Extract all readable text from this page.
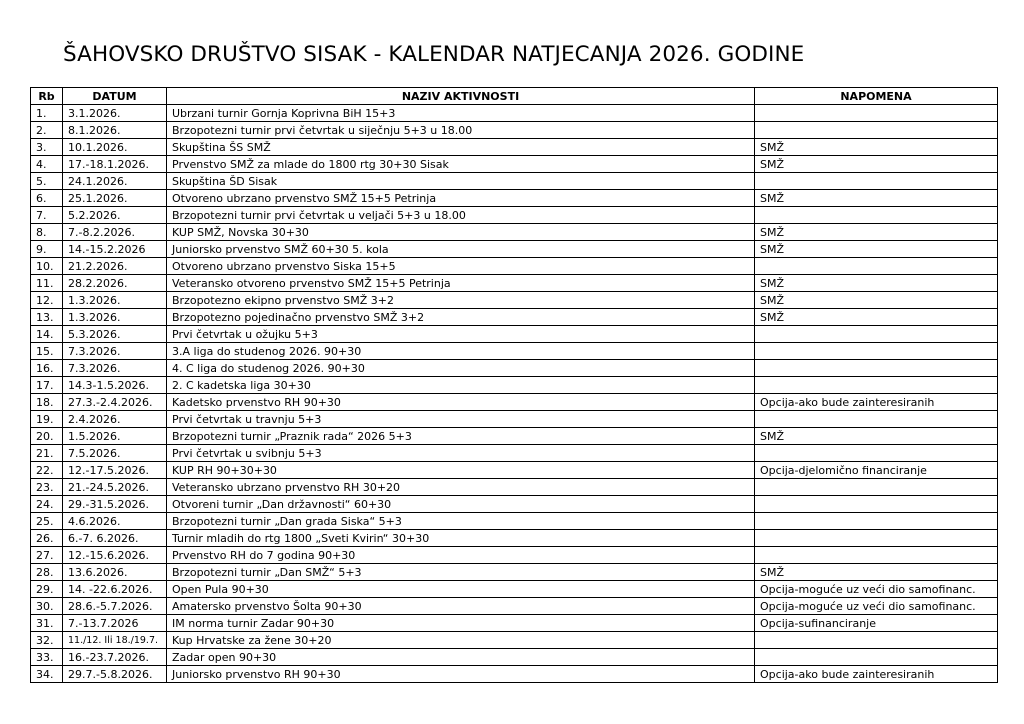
ŠAHOVSKO DRUŠTVO SISAK - KALENDAR NATJECANJA 2026. GODINE
Rb	DATUM	NAZIV AKTIVNOSTI	NAPOMENA
1.	3.1.2026.	Ubrzani turnir Gornja Koprivna BiH 15+3	
2.	8.1.2026.	Brzopotezni turnir prvi četvrtak u siječnju 5+3 u 18.00	
3.	10.1.2026.	Skupština ŠS SMŽ	SMŽ
4.	17.-18.1.2026.	Prvenstvo SMŽ za mlade do 1800 rtg 30+30 Sisak	SMŽ
5.	24.1.2026.	Skupština ŠD Sisak	
6.	25.1.2026.	Otvoreno ubrzano prvenstvo SMŽ 15+5 Petrinja	SMŽ
7.	5.2.2026.	Brzopotezni turnir prvi četvrtak u veljači 5+3 u 18.00	
8.	7.-8.2.2026.	KUP SMŽ, Novska 30+30	SMŽ
9.	14.-15.2.2026	Juniorsko prvenstvo SMŽ 60+30 5. kola	SMŽ
10.	21.2.2026.	Otvoreno ubrzano prvenstvo Siska 15+5	
11.	28.2.2026.	Veteransko otvoreno prvenstvo SMŽ 15+5 Petrinja	SMŽ
12.	1.3.2026.	Brzopotezno ekipno prvenstvo SMŽ 3+2	SMŽ
13.	1.3.2026.	Brzopotezno pojedinačno prvenstvo SMŽ 3+2	SMŽ
14.	5.3.2026.	Prvi četvrtak u ožujku 5+3	
15.	7.3.2026.	3.A liga do studenog 2026. 90+30	
16.	7.3.2026.	4. C liga do studenog 2026. 90+30	
17.	14.3-1.5.2026.	2. C kadetska liga 30+30	
18.	27.3.-2.4.2026.	Kadetsko prvenstvo RH 90+30	Opcija-ako bude zainteresiranih
19.	2.4.2026.	Prvi četvrtak u travnju 5+3	
20.	1.5.2026.	Brzopotezni turnir „Praznik rada“ 2026 5+3	SMŽ
21.	7.5.2026.	Prvi četvrtak u svibnju 5+3	
22.	12.-17.5.2026.	KUP RH 90+30+30	Opcija-djelomično financiranje
23.	21.-24.5.2026.	Veteransko ubrzano prvenstvo RH 30+20	
24.	29.-31.5.2026.	Otvoreni turnir „Dan državnosti“ 60+30	
25.	4.6.2026.	Brzopotezni turnir „Dan grada Siska“ 5+3	
26.	6.-7. 6.2026.	Turnir mladih do rtg 1800 „Sveti Kvirin“ 30+30	
27.	12.-15.6.2026.	Prvenstvo RH do 7 godina 90+30	
28.	13.6.2026.	Brzopotezni turnir „Dan SMŽ“ 5+3	SMŽ
29.	14. -22.6.2026.	Open Pula 90+30	Opcija-moguće uz veći dio samofinanc.
30.	28.6.-5.7.2026.	Amatersko prvenstvo Šolta 90+30	Opcija-moguće uz veći dio samofinanc.
31.	7.-13.7.2026	IM norma turnir Zadar 90+30	Opcija-sufinanciranje
32.	11./12. Ili 18./19.7.	Kup Hrvatske za žene 30+20	
33.	16.-23.7.2026.	Zadar open 90+30	
34.	29.7.-5.8.2026.	Juniorsko prvenstvo RH 90+30	Opcija-ako bude zainteresiranih
